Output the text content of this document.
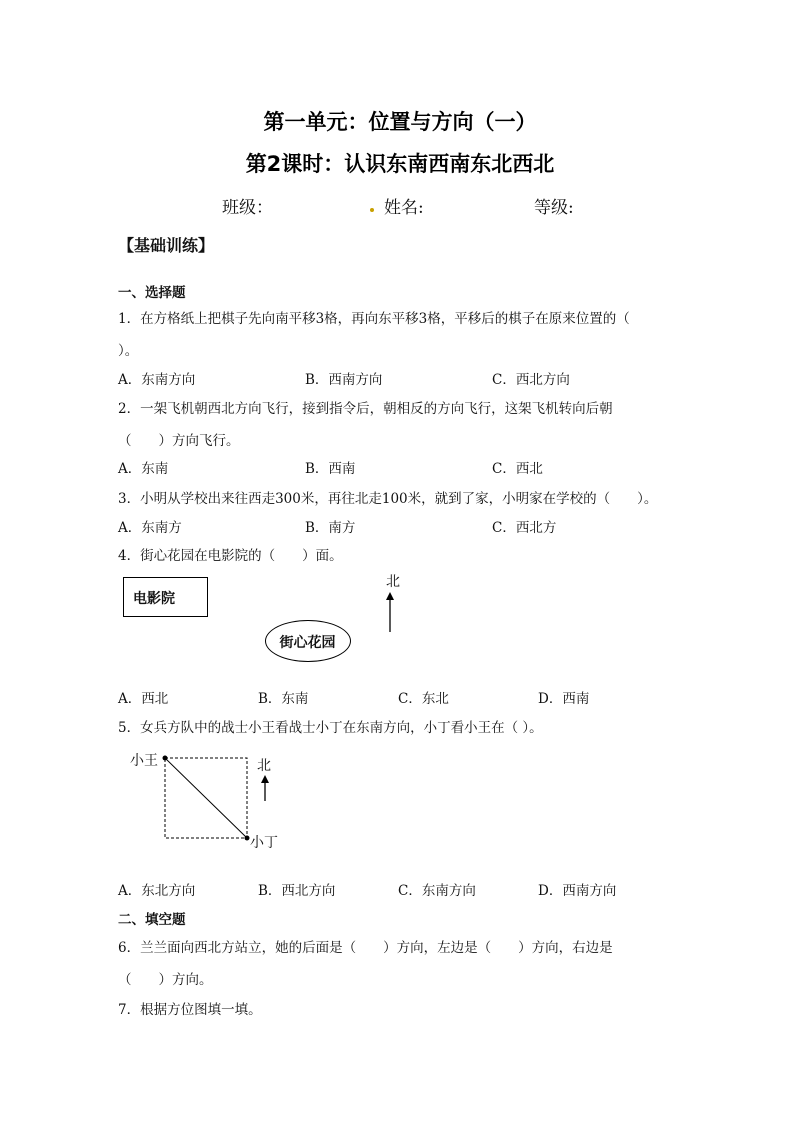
第一单元：位置与方向（一）
第2课时：认识东南西南东北西北
班级：	姓名:	等级:
【基础训练】
一、选择题
1．在方格纸上把棋子先向南平移3格，再向东平移3格，平移后的棋子在原来位置的（
）。
A．东南方向	B．西南方向	C．西北方向
2．一架飞机朝西北方向飞行，接到指令后，朝相反的方向飞行，这架飞机转向后朝
（　　）方向飞行。
A．东南	B．西南	C．西北
3．小明从学校出来往西走300米，再往北走100米，就到了家，小明家在学校的（　　）。
A．东南方	B．南方	C．西北方
4．街心花园在电影院的（　　）面。
电影院
街心花园
北
A．西北	B．东南	C．东北	D．西南
5．女兵方队中的战士小王看战士小丁在东南方向，小丁看小王在（ ）。
小王
小丁
北
A．东北方向	B．西北方向	C．东南方向	D．西南方向
二、填空题
6．兰兰面向西北方站立，她的后面是（　　）方向，左边是（　　）方向，右边是
（　　）方向。
7．根据方位图填一填。
